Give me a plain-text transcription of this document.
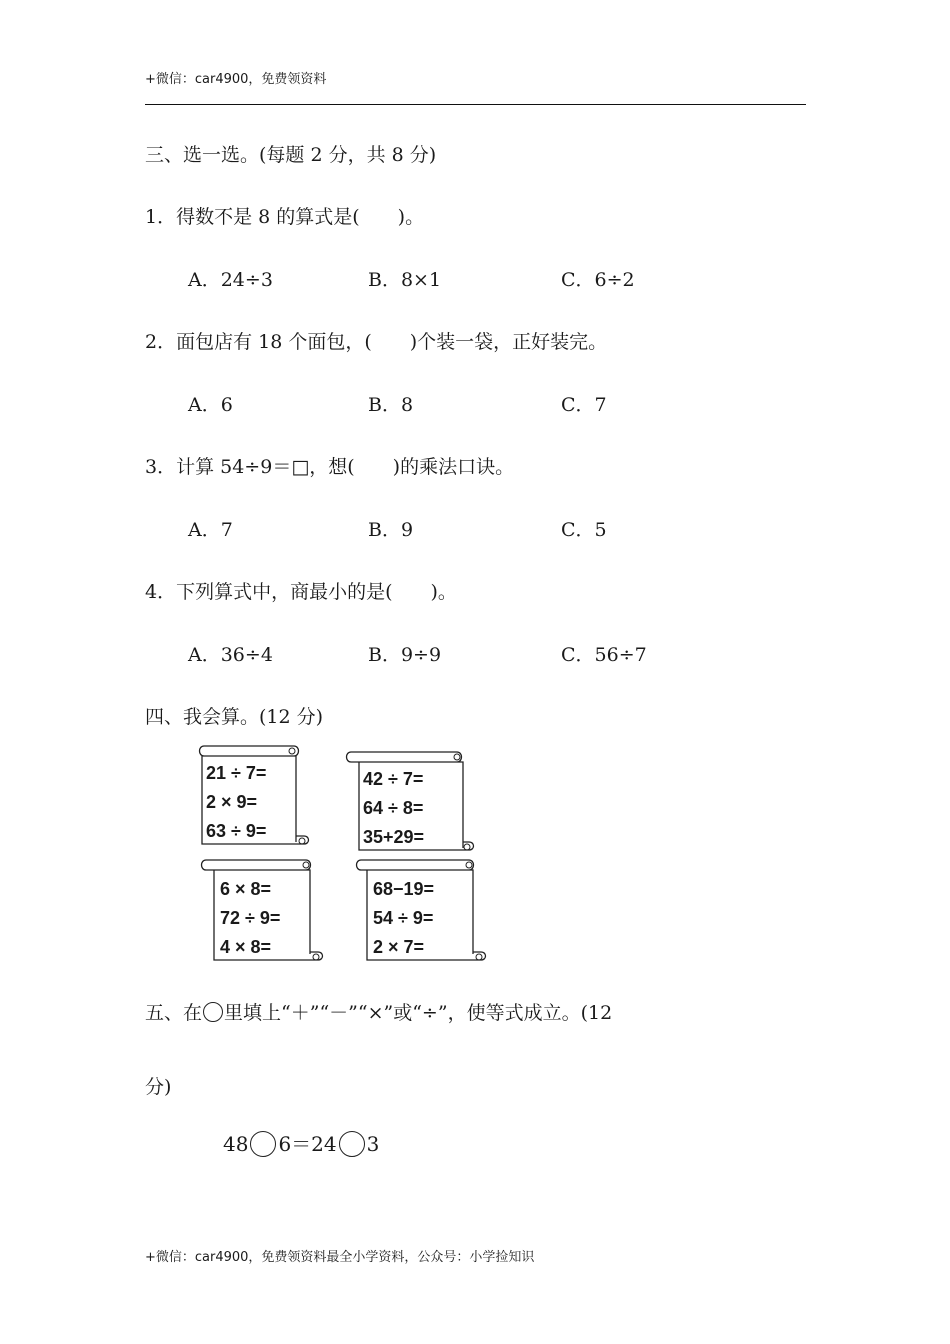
+微信：car4900，免费领资料
三、选一选。(每题 2 分，共 8 分)
1．得数不是 8 的算式是(　　)。
A．24÷3	B．8×1	C．6÷2
2．面包店有 18 个面包，(　　)个装一袋，正好装完。
A．6	B．8	C．7
3．计算 54÷9＝□，想(　　)的乘法口诀。
A．7	B．9	C．5
4．下列算式中，商最小的是(　　)。
A．36÷4	B．9÷9	C．56÷7
四、我会算。(12 分)
21 ÷ 7=
2 × 9=
63 ÷ 9=
42 ÷ 7=
64 ÷ 8=
35+29=
6 × 8=
72 ÷ 9=
4 × 8=
68−19=
54 ÷ 9=
2 × 7=
五、在 里填上“＋”“－”“×”或“÷”，使等式成立。(12
分)
48 6＝24 3
+微信：car4900，免费领资料最全小学资料，公众号：小学捡知识
